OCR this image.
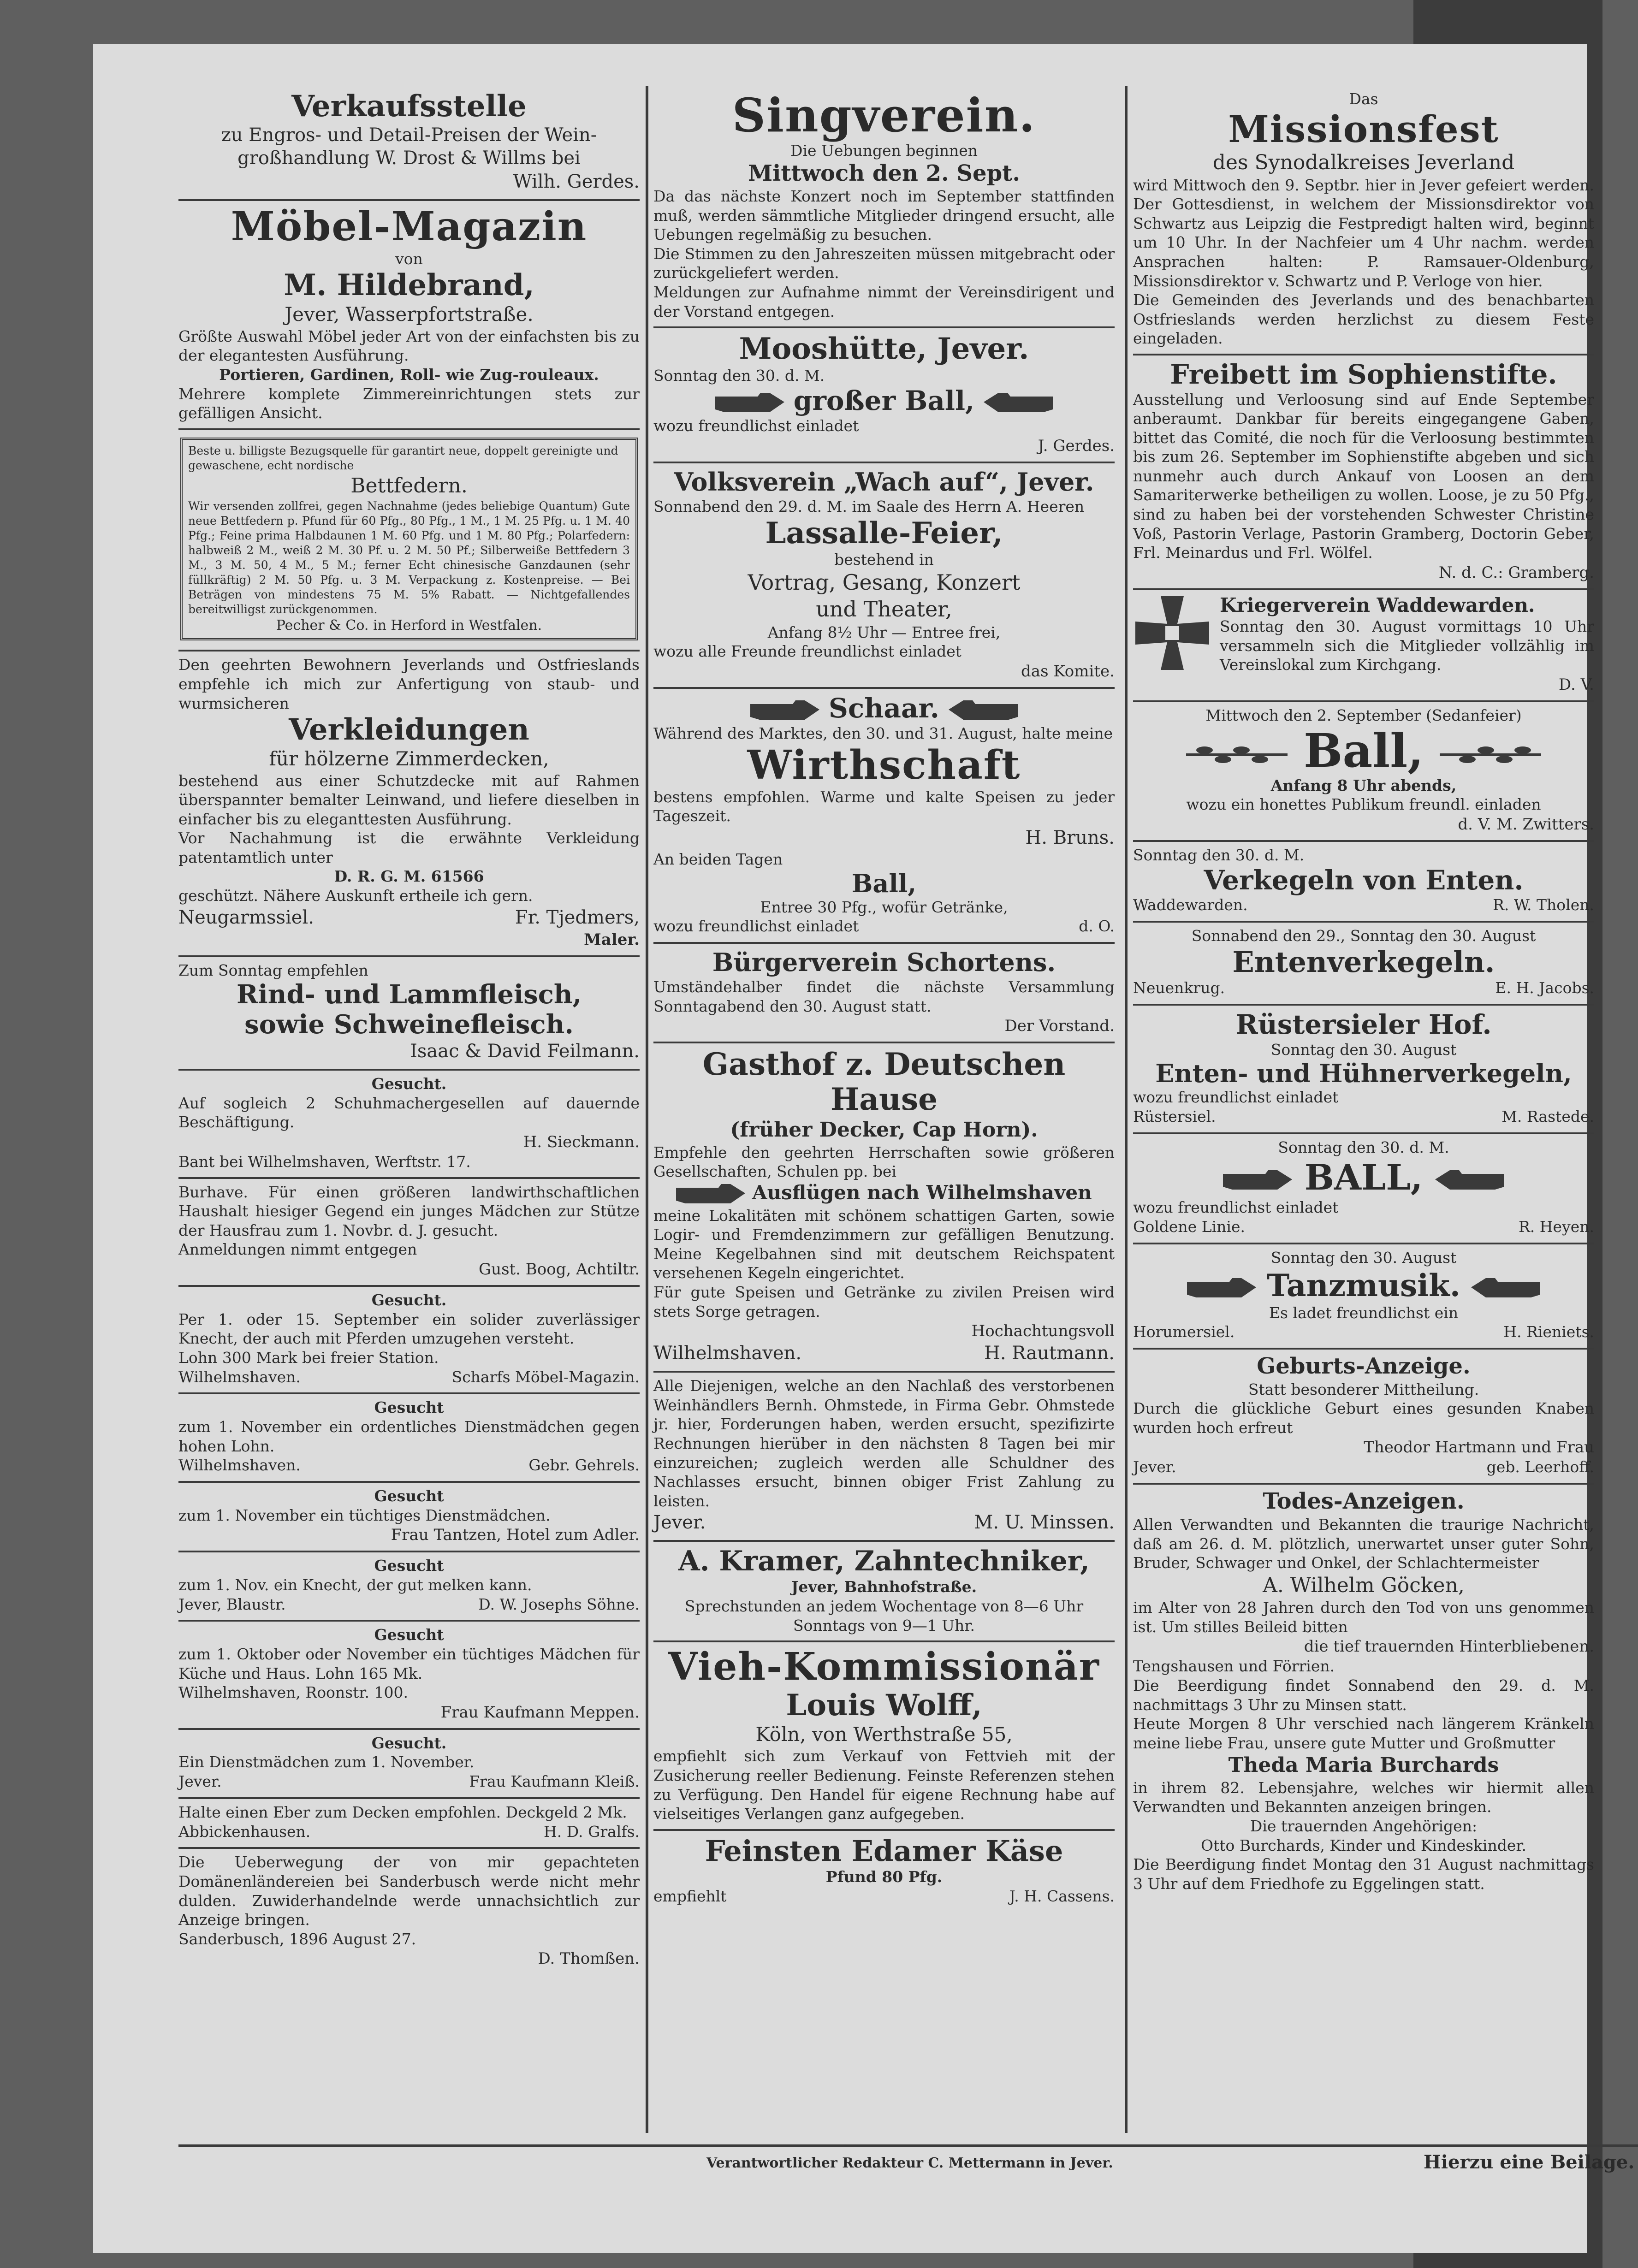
Verkaufsstelle
zu Engros- und Detail-Preisen der Wein-
großhandlung W. Drost & Willms bei
Wilh. Gerdes.
Möbel-Magazin
von
M. Hildebrand,
Jever, Wasserpfortstraße.
Größte Auswahl Möbel jeder Art von der einfachsten bis zu der elegantesten Ausführung.
Portieren, Gardinen, Roll- wie Zug-rouleaux.
Mehrere komplete Zimmereinrichtungen stets zur gefälligen Ansicht.
Beste u. billigste Bezugsquelle für garantirt neue, doppelt gereinigte und gewaschene, echt nordische
Bettfedern.
Wir versenden zollfrei, gegen Nachnahme (jedes beliebige Quantum) Gute neue Bettfedern p. Pfund für 60 Pfg., 80 Pfg., 1 M., 1 M. 25 Pfg. u. 1 M. 40 Pfg.; Feine prima Halbdaunen 1 M. 60 Pfg. und 1 M. 80 Pfg.; Polarfedern: halbweiß 2 M., weiß 2 M. 30 Pf. u. 2 M. 50 Pf.; Silberweiße Bettfedern 3 M., 3 M. 50, 4 M., 5 M.; ferner Echt chinesische Ganzdaunen (sehr füllkräftig) 2 M. 50 Pfg. u. 3 M. Verpackung z. Kostenpreise. — Bei Beträgen von mindestens 75 M. 5% Rabatt. — Nichtgefallendes bereitwilligst zurückgenommen.
Pecher & Co. in Herford in Westfalen.
Den geehrten Bewohnern Jeverlands und Ostfrieslands empfehle ich mich zur Anfertigung von staub- und wurmsicheren
Verkleidungen
für hölzerne Zimmerdecken,
bestehend aus einer Schutzdecke mit auf Rahmen überspannter bemalter Leinwand, und liefere dieselben in einfacher bis zu eleganttesten Ausführung.
Vor Nachahmung ist die erwähnte Verkleidung patentamtlich unter
D. R. G. M. 61566
geschützt. Nähere Auskunft ertheile ich gern.
Neugarmssiel.	Fr. Tjedmers,
Maler.
Zum Sonntag empfehlen
Rind- und Lammfleisch,
sowie Schweinefleisch.
Isaac & David Feilmann.
Gesucht.
Auf sogleich 2 Schuhmachergesellen auf dauernde Beschäftigung.
H. Sieckmann.
Bant bei Wilhelmshaven, Werftstr. 17.
Burhave. Für einen größeren landwirthschaftlichen Haushalt hiesiger Gegend ein junges Mädchen zur Stütze der Hausfrau zum 1. Novbr. d. J. gesucht.
Anmeldungen nimmt entgegen
Gust. Boog, Achtiltr.
Gesucht.
Per 1. oder 15. September ein solider zuverlässiger Knecht, der auch mit Pferden umzugehen versteht.
Lohn 300 Mark bei freier Station.
Wilhelmshaven.	Scharfs Möbel-Magazin.
Gesucht
zum 1. November ein ordentliches Dienstmädchen gegen hohen Lohn.
Wilhelmshaven.	Gebr. Gehrels.
Gesucht
zum 1. November ein tüchtiges Dienstmädchen.
Frau Tantzen, Hotel zum Adler.
Gesucht
zum 1. Nov. ein Knecht, der gut melken kann.
Jever, Blaustr.	D. W. Josephs Söhne.
Gesucht
zum 1. Oktober oder November ein tüchtiges Mädchen für Küche und Haus. Lohn 165 Mk.
Wilhelmshaven, Roonstr. 100.
Frau Kaufmann Meppen.
Gesucht.
Ein Dienstmädchen zum 1. November.
Jever.	Frau Kaufmann Kleiß.
Halte einen Eber zum Decken empfohlen. Deckgeld 2 Mk.
Abbickenhausen.	H. D. Gralfs.
Die Ueberwegung der von mir gepachteten Domänenländereien bei Sanderbusch werde nicht mehr dulden. Zuwiderhandelnde werde unnachsichtlich zur Anzeige bringen.
Sanderbusch, 1896 August 27.
D. Thomßen.
Singverein.
Die Uebungen beginnen
Mittwoch den 2. Sept.
Da das nächste Konzert noch im September stattfinden muß, werden sämmtliche Mitglieder dringend ersucht, alle Uebungen regelmäßig zu besuchen.
Die Stimmen zu den Jahreszeiten müssen mitgebracht oder zurückgeliefert werden.
Meldungen zur Aufnahme nimmt der Vereinsdirigent und der Vorstand entgegen.
Mooshütte, Jever.
Sonntag den 30. d. M.
großer Ball,
wozu freundlichst einladet
J. Gerdes.
Volksverein „Wach auf“, Jever.
Sonnabend den 29. d. M. im Saale des Herrn A. Heeren
Lassalle-Feier,
bestehend in
Vortrag, Gesang, Konzert
und Theater,
Anfang 8½ Uhr — Entree frei,
wozu alle Freunde freundlichst einladet
das Komite.
Schaar.
Während des Marktes, den 30. und 31. August, halte meine
Wirthschaft
bestens empfohlen. Warme und kalte Speisen zu jeder Tageszeit.
H. Bruns.
An beiden Tagen
Ball,
Entree 30 Pfg., wofür Getränke,
wozu freundlichst einladet	d. O.
Bürgerverein Schortens.
Umständehalber findet die nächste Versammlung Sonntagabend den 30. August statt.
Der Vorstand.
Gasthof z. Deutschen Hause
(früher Decker, Cap Horn).
Empfehle den geehrten Herrschaften sowie größeren Gesellschaften, Schulen pp. bei
Ausflügen nach Wilhelmshaven
meine Lokalitäten mit schönem schattigen Garten, sowie Logir- und Fremdenzimmern zur gefälligen Benutzung. Meine Kegelbahnen sind mit deutschem Reichspatent versehenen Kegeln eingerichtet.
Für gute Speisen und Getränke zu zivilen Preisen wird stets Sorge getragen.
Hochachtungsvoll
Wilhelmshaven.	H. Rautmann.
Alle Diejenigen, welche an den Nachlaß des verstorbenen Weinhändlers Bernh. Ohmstede, in Firma Gebr. Ohmstede jr. hier, Forderungen haben, werden ersucht, spezifizirte Rechnungen hierüber in den nächsten 8 Tagen bei mir einzureichen; zugleich werden alle Schuldner des Nachlasses ersucht, binnen obiger Frist Zahlung zu leisten.
Jever.	M. U. Minssen.
A. Kramer, Zahntechniker,
Jever, Bahnhofstraße.
Sprechstunden an jedem Wochentage von 8—6 Uhr
Sonntags von 9—1 Uhr.
Vieh-Kommissionär
Louis Wolff,
Köln, von Werthstraße 55,
empfiehlt sich zum Verkauf von Fettvieh mit der Zusicherung reeller Bedienung. Feinste Referenzen stehen zu Verfügung. Den Handel für eigene Rechnung habe auf vielseitiges Verlangen ganz aufgegeben.
Feinsten Edamer Käse
Pfund 80 Pfg.
empfiehlt	J. H. Cassens.
Das
Missionsfest
des Synodalkreises Jeverland
wird Mittwoch den 9. Septbr. hier in Jever gefeiert werden. Der Gottesdienst, in welchem der Missionsdirektor von Schwartz aus Leipzig die Festpredigt halten wird, beginnt um 10 Uhr. In der Nachfeier um 4 Uhr nachm. werden Ansprachen halten: P. Ramsauer-Oldenburg, Missionsdirektor v. Schwartz und P. Verloge von hier.
Die Gemeinden des Jeverlands und des benachbarten Ostfrieslands werden herzlichst zu diesem Feste eingeladen.
Freibett im Sophienstifte.
Ausstellung und Verloosung sind auf Ende September anberaumt. Dankbar für bereits eingegangene Gaben, bittet das Comité, die noch für die Verloosung bestimmten bis zum 26. September im Sophienstifte abgeben und sich nunmehr auch durch Ankauf von Loosen an dem Samariterwerke betheiligen zu wollen. Loose, je zu 50 Pfg., sind zu haben bei der vorstehenden Schwester Christine Voß, Pastorin Verlage, Pastorin Gramberg, Doctorin Geber, Frl. Meinardus und Frl. Wölfel.
N. d. C.: Gramberg.
Kriegerverein Waddewarden.
Sonntag den 30. August vormittags 10 Uhr versammeln sich die Mitglieder vollzählig im Vereinslokal zum Kirchgang.
D. V.
Mittwoch den 2. September (Sedanfeier)
Ball,
Anfang 8 Uhr abends,
wozu ein honettes Publikum freundl. einladen
d. V. M. Zwitters.
Sonntag den 30. d. M.
Verkegeln von Enten.
Waddewarden.	R. W. Tholen.
Sonnabend den 29., Sonntag den 30. August
Entenverkegeln.
Neuenkrug.	E. H. Jacobs.
Rüstersieler Hof.
Sonntag den 30. August
Enten- und Hühnerverkegeln,
wozu freundlichst einladet
Rüstersiel.	M. Rastede.
Sonntag den 30. d. M.
BALL,
wozu freundlichst einladet
Goldene Linie.	R. Heyen.
Sonntag den 30. August
Tanzmusik.
Es ladet freundlichst ein
Horumersiel.	H. Rieniets.
Geburts-Anzeige.
Statt besonderer Mittheilung.
Durch die glückliche Geburt eines gesunden Knaben wurden hoch erfreut
Theodor Hartmann und Frau
Jever.	geb. Leerhoff.
Todes-Anzeigen.
Allen Verwandten und Bekannten die traurige Nachricht, daß am 26. d. M. plötzlich, unerwartet unser guter Sohn, Bruder, Schwager und Onkel, der Schlachtermeister
A. Wilhelm Göcken,
im Alter von 28 Jahren durch den Tod von uns genommen ist. Um stilles Beileid bitten
die tief trauernden Hinterbliebenen.
Tengshausen und Förrien.
Die Beerdigung findet Sonnabend den 29. d. M. nachmittags 3 Uhr zu Minsen statt.
Heute Morgen 8 Uhr verschied nach längerem Kränkeln meine liebe Frau, unsere gute Mutter und Großmutter
Theda Maria Burchards
in ihrem 82. Lebensjahre, welches wir hiermit allen Verwandten und Bekannten anzeigen bringen.
Die trauernden Angehörigen:
Otto Burchards, Kinder und Kindeskinder.
Die Beerdigung findet Montag den 31 August nachmittags 3 Uhr auf dem Friedhofe zu Eggelingen statt.
Verantwortlicher Redakteur C. Mettermann in Jever.	Hierzu eine Beilage.
